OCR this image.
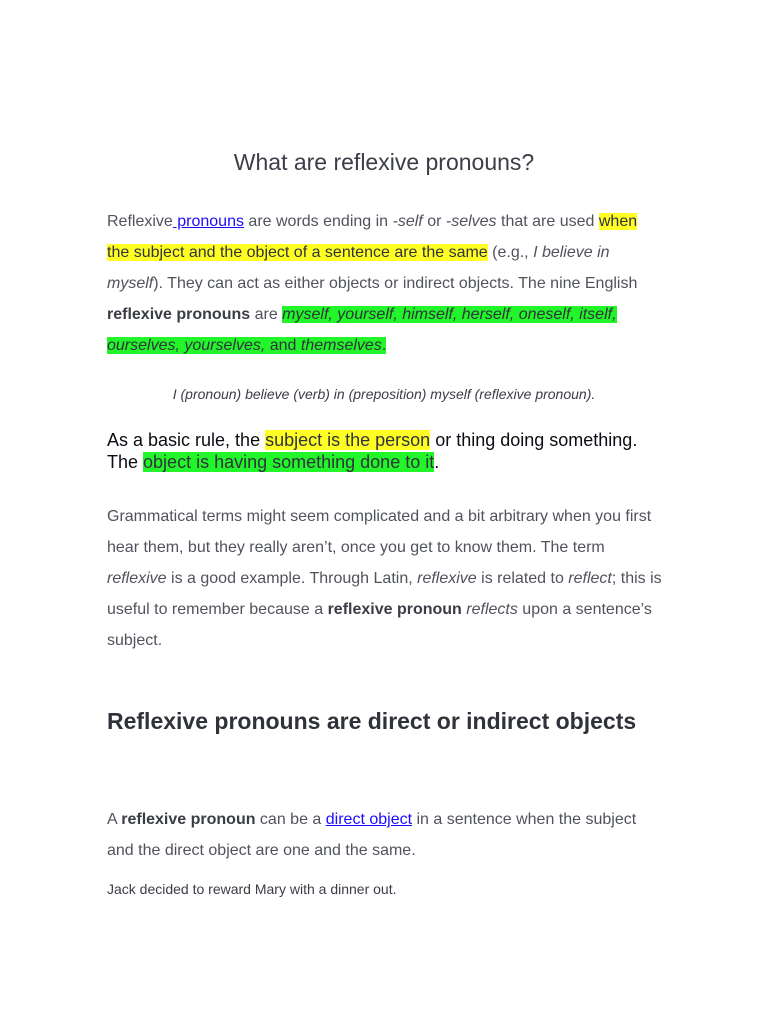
What are reflexive pronouns?

Reflexive pronouns are words ending in -self or -selves that are used when the subject and the object of a sentence are the same (e.g., I believe in myself). They can act as either objects or indirect objects. The nine English reflexive pronouns are myself, yourself, himself, herself, oneself, itself, ourselves, yourselves, and themselves.

I (pronoun) believe (verb) in (preposition) myself (reflexive pronoun).

As a basic rule, the subject is the person or thing doing something. The object is having something done to it.

Grammatical terms might seem complicated and a bit arbitrary when you first hear them, but they really aren’t, once you get to know them. The term reflexive is a good example. Through Latin, reflexive is related to reflect; this is useful to remember because a reflexive pronoun reflects upon a sentence’s subject.

Reflexive pronouns are direct or indirect objects

A reflexive pronoun can be a direct object in a sentence when the subject and the direct object are one and the same.

Jack decided to reward Mary with a dinner out.
